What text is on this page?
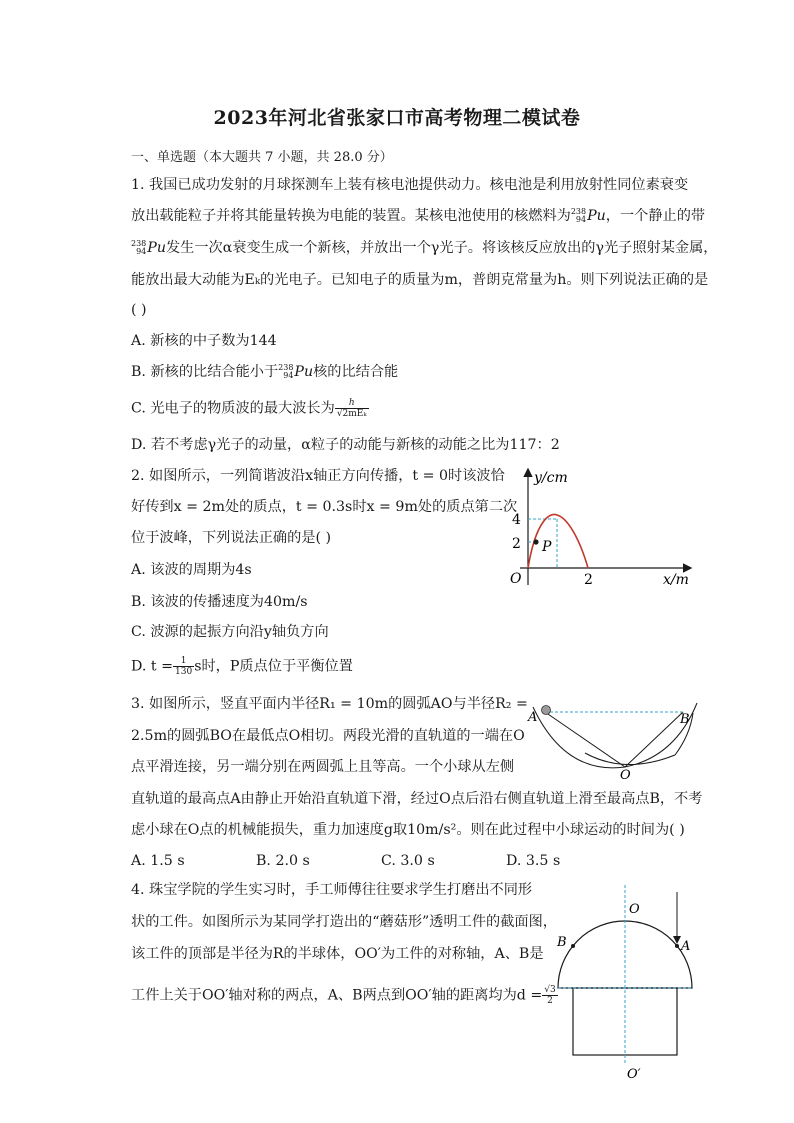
2023年河北省张家口市高考物理二模试卷
一、单选题（本大题共 7 小题，共 28.0 分）
1. 我国已成功发射的月球探测车上装有核电池提供动力。核电池是利用放射性同位素衰变
放出载能粒子并将其能量转换为电能的装置。某核电池使用的核燃料为238
94Pu，一个静止的带
238
94Pu发生一次α衰变生成一个新核，并放出一个γ光子。将该核反应放出的γ光子照射某金属，
能放出最大动能为Eₖ的光电子。已知电子的质量为m，普朗克常量为h。则下列说法正确的是
( )
A. 新核的中子数为144
B. 新核的比结合能小于238
94Pu核的比结合能
C. 光电子的物质波的最大波长为 $\frac{h}{\text{√2mEₖ}}$
D. 若不考虑γ光子的动量，α粒子的动能与新核的动能之比为117：2
2. 如图所示，一列简谐波沿x轴正方向传播，t = 0时该波恰
好传到x = 2m处的质点，t = 0.3s时x = 9m处的质点第二次
位于波峰，下列说法正确的是( )
A. 该波的周期为4s
B. 该波的传播速度为40m/s
C. 波源的起振方向沿y轴负方向
D. $t = \frac{1}{130}$ s时，P质点位于平衡位置
y/cm
x/m
O
4
2
2
P
3. 如图所示，竖直平面内半径R₁ = 10m的圆弧AO与半径R₂ =
2.5m的圆弧BO在最低点O相切。两段光滑的直轨道的一端在O
点平滑连接，另一端分别在两圆弧上且等高。一个小球从左侧
直轨道的最高点A由静止开始沿直轨道下滑，经过O点后沿右侧直轨道上滑至最高点B，不考
虑小球在O点的机械能损失，重力加速度g取10m/s²。则在此过程中小球运动的时间为( )
A. 1.5 s	B. 2.0 s	C. 3.0 s	D. 3.5 s
A	B
O
4. 珠宝学院的学生实习时，手工师傅往往要求学生打磨出不同形
状的工件。如图所示为某同学打造出的“蘑菇形”透明工件的截面图，
该工件的顶部是半径为R的半球体，OO′为工件的对称轴，A、B是
工件上关于OO′轴对称的两点，A、B两点到OO′轴的距离均为$d = \frac{√3}{2}$
O
A
B
O′
